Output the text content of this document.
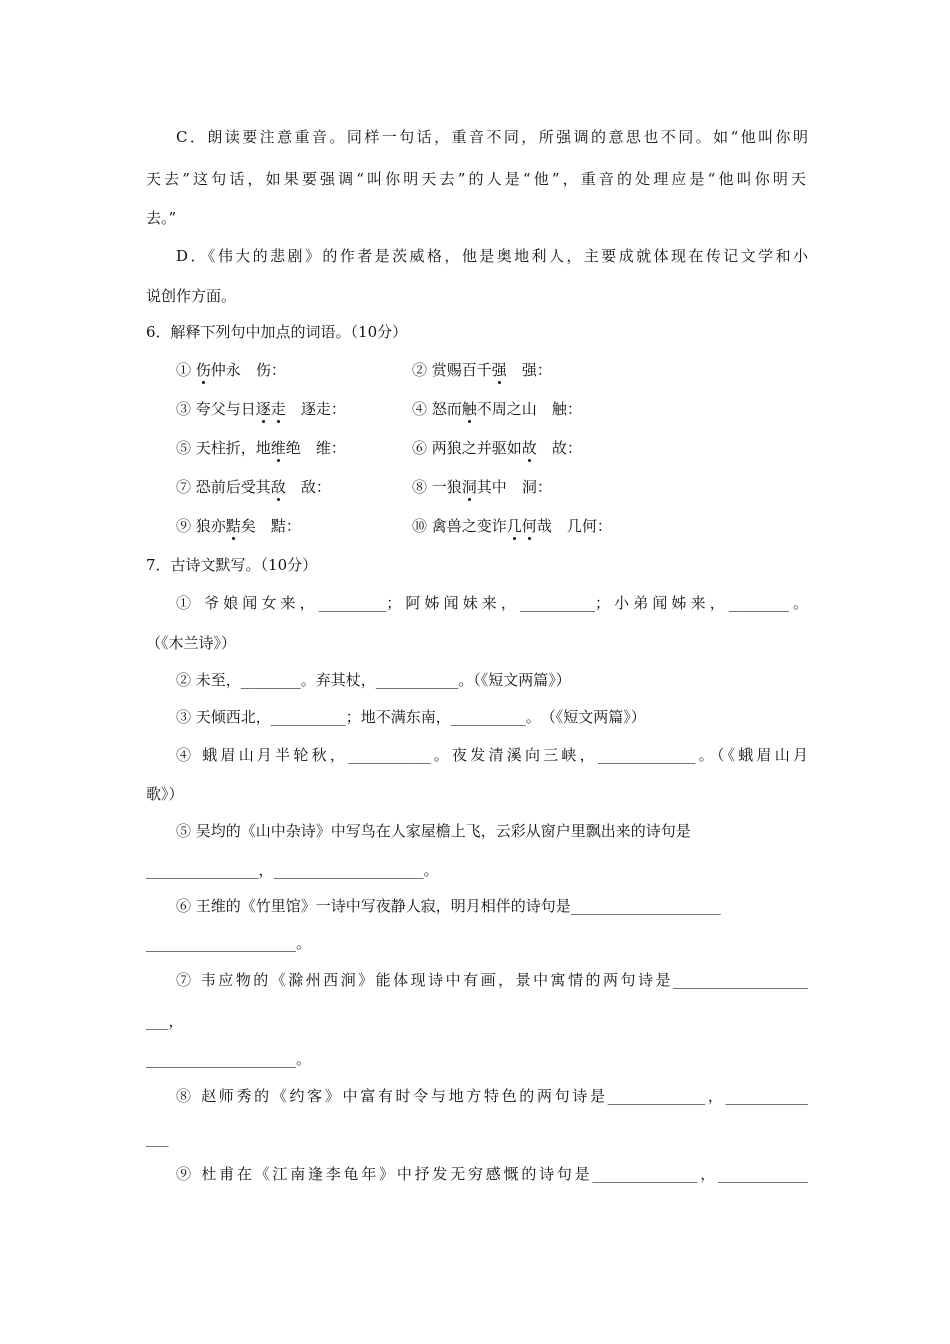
C．朗读要注意重音。同样一句话，重音不同，所强调的意思也不同。如“他叫你明
天去”这句话，如果要强调“叫你明天去”的人是“他”，重音的处理应是“他叫你明天
去。”
D．《伟大的悲剧》的作者是茨威格，他是奥地利人，主要成就体现在传记文学和小
说创作方面。
6．解释下列句中加点的词语。（10分）
① 伤仲永　伤：	② 赏赐百千强　 强：
③ 夸父与日逐走　逐走：	④ 怒而触不周之山　触：
⑤ 天柱折，地维绝　维：	⑥ 两狼之并驱如故　 故：
⑦ 恐前后受其敌　 敌：	⑧ 一狼洞其中　洞：
⑨ 狼亦黠矣　黠：	⑩ 禽兽之变诈几何哉　几何：
7．古诗文默写。（10分）
① 爷娘闻女来，_________；阿姊闻妹来，__________；小弟闻姊来，________。
（《木兰诗》）
② 未至，________。弃其杖，___________。（《短文两篇》）
③ 天倾西北，__________；地不满东南，__________。　（《短文两篇》）
④ 蛾眉山月半轮秋，___________。夜发清溪向三峡，_____________。（《蛾眉山月
歌》）
⑤ 吴均的《山中杂诗》中写鸟在人家屋檐上飞，云彩从窗户里飘出来的诗句是
_______________，____________________。
⑥ 王维的《竹里馆》一诗中写夜静人寂，明月相伴的诗句是____________________
____________________。
⑦ 韦应物的《滁州西涧》能体现诗中有画，景中寓情的两句诗是__________________
___，
____________________。
⑧ 赵师秀的《约客》中富有时令与地方特色的两句诗是_____________，___________
___
⑨ 杜甫在《江南逢李龟年》中抒发无穷感慨的诗句是______________，____________
